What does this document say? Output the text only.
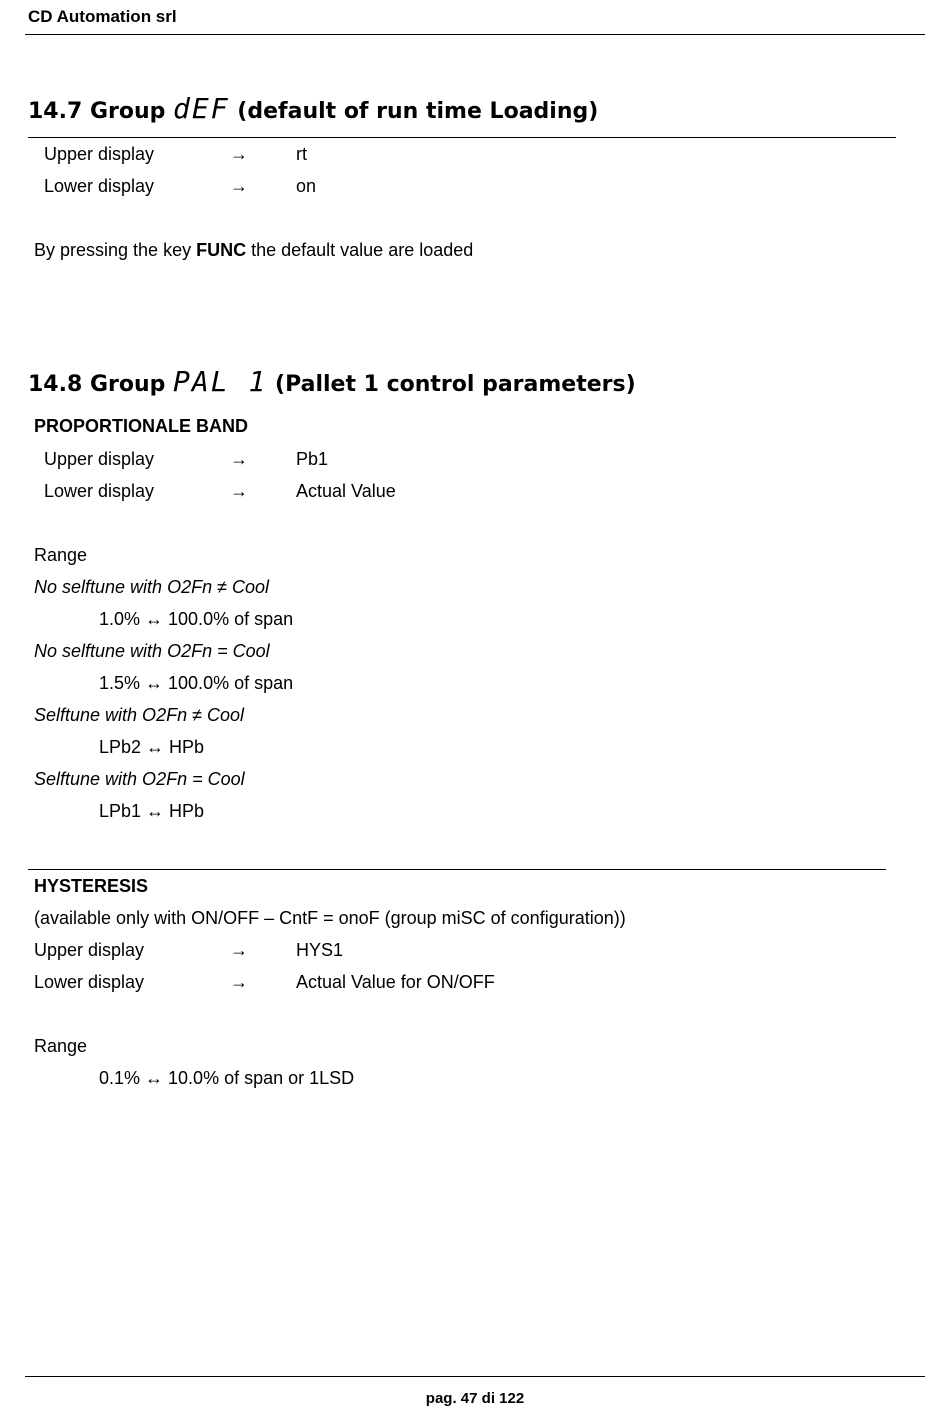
CD Automation srl
14.7 Group dEF (default of run time Loading)
Upper display	→	rt
Lower display	→	on
By pressing the key FUNC the default value are loaded
14.8 Group PAL 1 (Pallet 1 control parameters)
PROPORTIONALE BAND
Upper display	→	Pb1
Lower display	→	Actual Value
Range
No selftune with O2Fn ≠ Cool
1.0% ↔ 100.0% of span
No selftune with O2Fn = Cool
1.5% ↔ 100.0% of span
Selftune with O2Fn ≠ Cool
LPb2 ↔ HPb
Selftune with O2Fn = Cool
LPb1 ↔ HPb
HYSTERESIS
(available only with ON/OFF – CntF = onoF (group miSC of configuration))
Upper display	→	HYS1
Lower display	→	Actual Value for ON/OFF
Range
0.1% ↔ 10.0% of span or 1LSD
pag. 47 di 122
